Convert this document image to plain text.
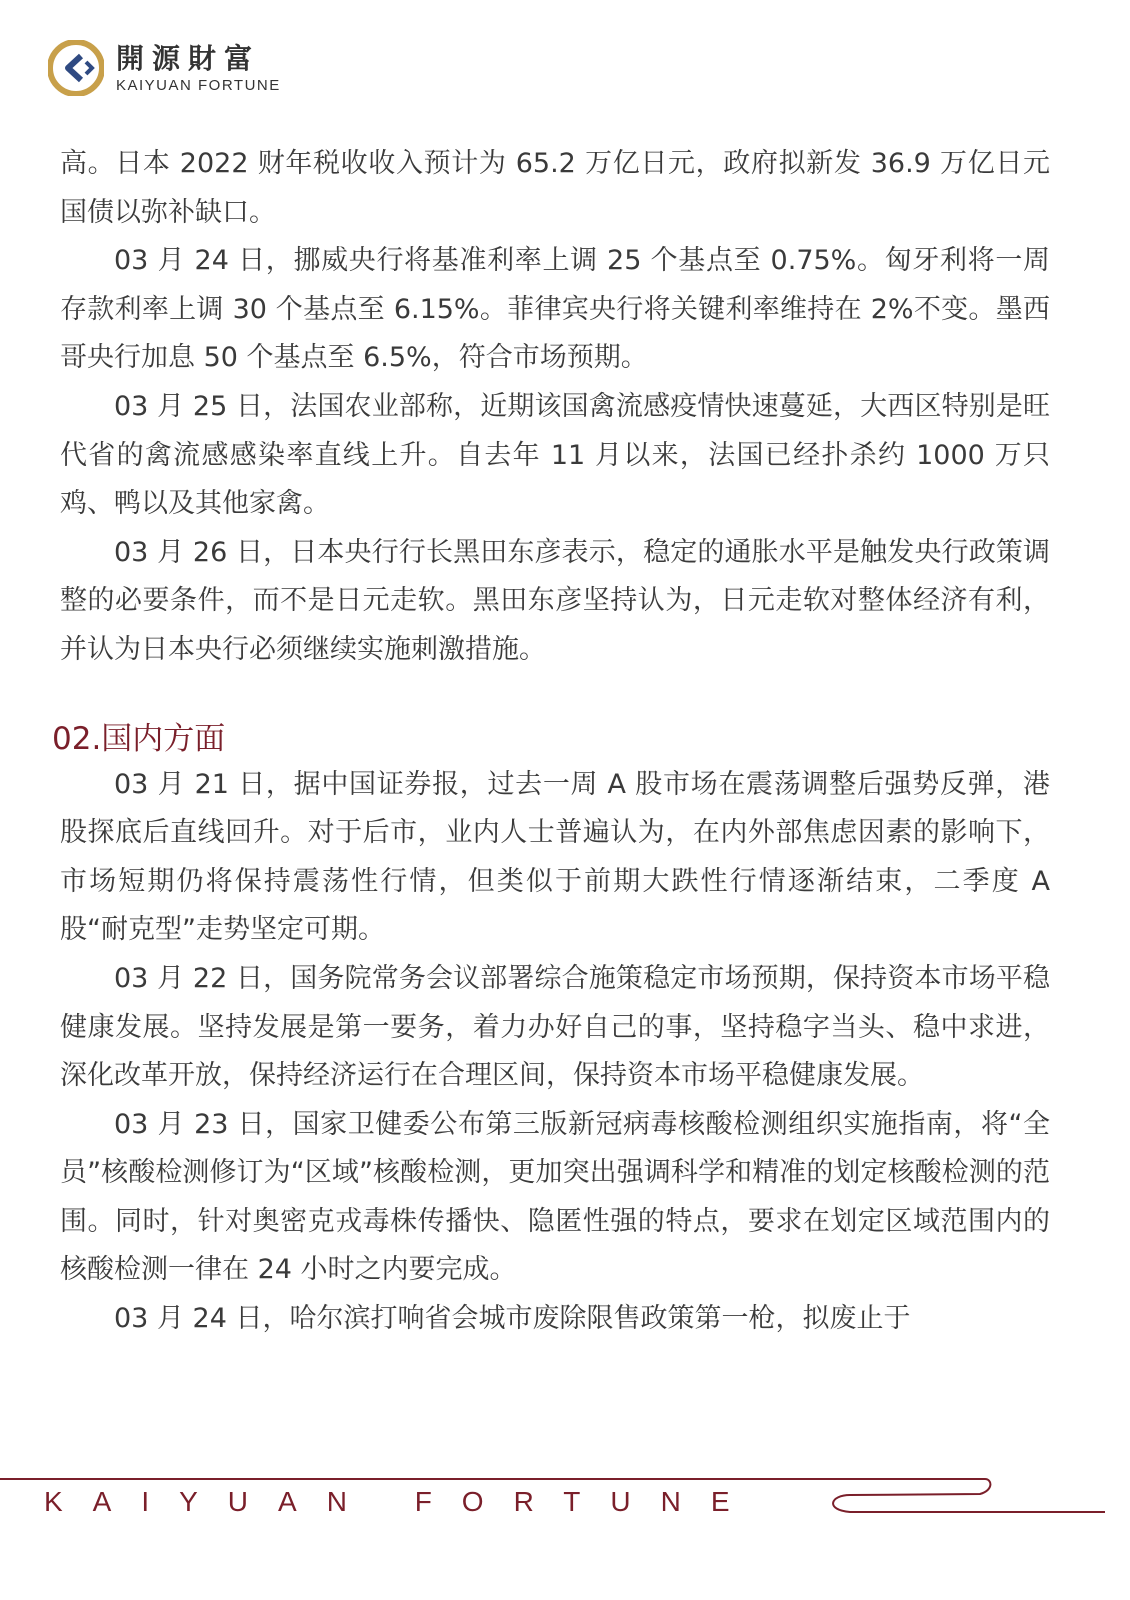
開源財富
KAIYUAN FORTUNE

高。日本 2022 财年税收收入预计为 65.2 万亿日元，政府拟新发 36.9 万亿日元国债以弥补缺口。

03 月 24 日，挪威央行将基准利率上调 25 个基点至 0.75%。匈牙利将一周存款利率上调 30 个基点至 6.15%。菲律宾央行将关键利率维持在 2%不变。墨西哥央行加息 50 个基点至 6.5%，符合市场预期。

03 月 25 日，法国农业部称，近期该国禽流感疫情快速蔓延，大西区特别是旺代省的禽流感感染率直线上升。自去年 11 月以来，法国已经扑杀约 1000 万只鸡、鸭以及其他家禽。

03 月 26 日，日本央行行长黑田东彦表示，稳定的通胀水平是触发央行政策调整的必要条件，而不是日元走软。黑田东彦坚持认为，日元走软对整体经济有利，并认为日本央行必须继续实施刺激措施。

02.国内方面

03 月 21 日，据中国证券报，过去一周 A 股市场在震荡调整后强势反弹，港股探底后直线回升。对于后市，业内人士普遍认为，在内外部焦虑因素的影响下，市场短期仍将保持震荡性行情，但类似于前期大跌性行情逐渐结束，二季度 A 股“耐克型”走势坚定可期。

03 月 22 日，国务院常务会议部署综合施策稳定市场预期，保持资本市场平稳健康发展。坚持发展是第一要务，着力办好自己的事，坚持稳字当头、稳中求进，深化改革开放，保持经济运行在合理区间，保持资本市场平稳健康发展。

03 月 23 日，国家卫健委公布第三版新冠病毒核酸检测组织实施指南，将“全员”核酸检测修订为“区域”核酸检测，更加突出强调科学和精准的划定核酸检测的范围。同时，针对奥密克戎毒株传播快、隐匿性强的特点，要求在划定区域范围内的核酸检测一律在 24 小时之内要完成。

03 月 24 日，哈尔滨打响省会城市废除限售政策第一枪，拟废止于

KAIYUAN FORTUNE
